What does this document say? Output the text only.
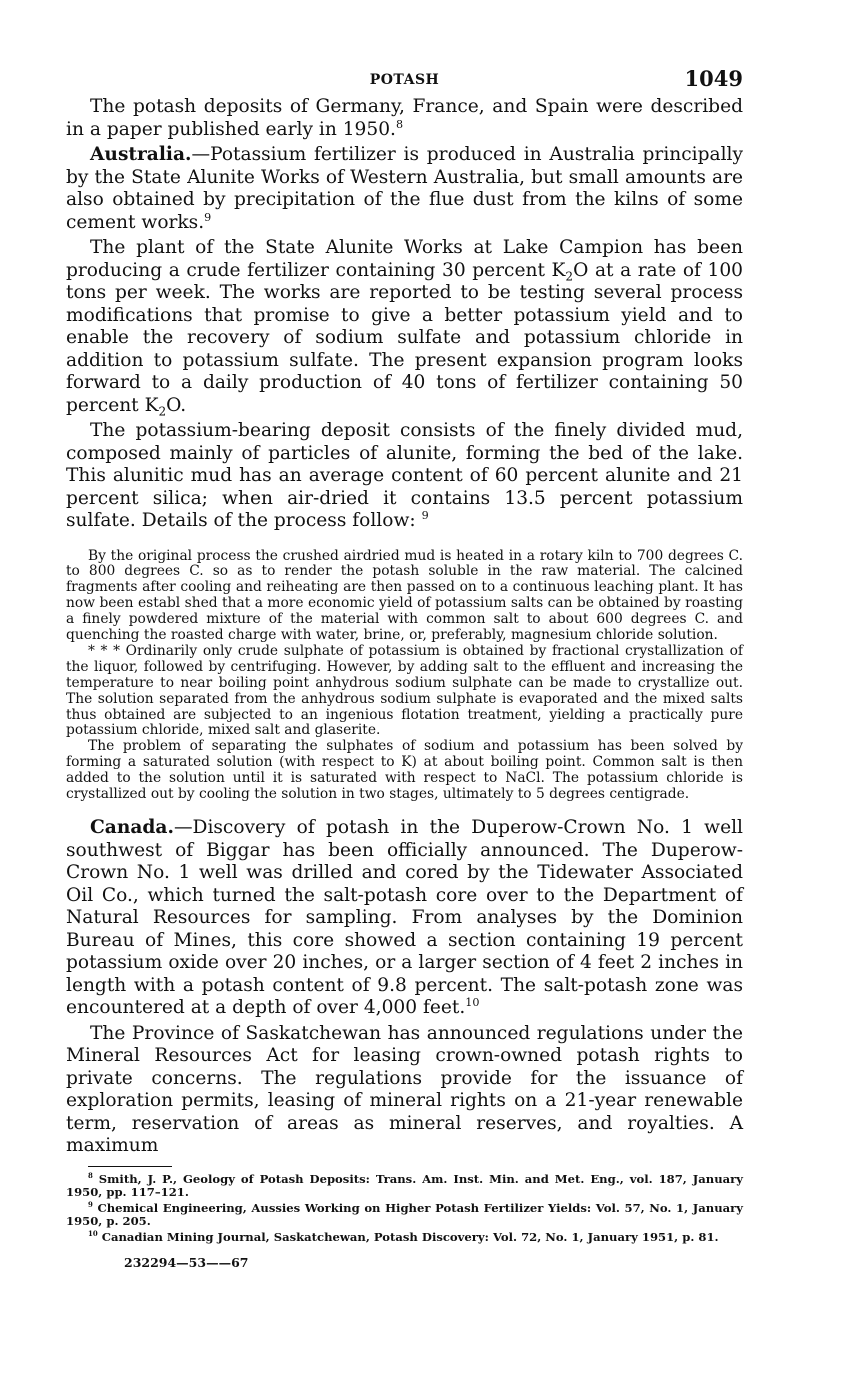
POTASH	1049

The potash deposits of Germany, France, and Spain were described in a paper published early in 1950.$^8$

Australia.—Potassium fertilizer is produced in Australia principally by the State Alunite Works of Western Australia, but small amounts are also obtained by precipitation of the flue dust from the kilns of some cement works.$^9$

The plant of the State Alunite Works at Lake Campion has been producing a crude fertilizer containing 30 percent $K_2O$ at a rate of 100 tons per week. The works are reported to be testing several process modifications that promise to give a better potassium yield and to enable the recovery of sodium sulfate and potassium chloride in addition to potassium sulfate. The present expansion program looks forward to a daily production of 40 tons of fertilizer containing 50 percent $K_2O$.

The potassium-bearing deposit consists of the finely divided mud, composed mainly of particles of alunite, forming the bed of the lake. This alunitic mud has an average content of 60 percent alunite and 21 percent silica; when air-dried it contains 13.5 percent potassium sulfate. Details of the process follow: $^9$

By the original process the crushed airdried mud is heated in a rotary kiln to 700 degrees C. to 800 degrees C. so as to render the potash soluble in the raw material. The calcined fragments after cooling and reiheating are then passed on to a continuous leaching plant. It has now been establ shed that a more economic yield of potassium salts can be obtained by roasting a finely powdered mixture of the material with common salt to about 600 degrees C. and quenching the roasted charge with water, brine, or, preferably, magnesium chloride solution.

* * * Ordinarily only crude sulphate of potassium is obtained by fractional crystallization of the liquor, followed by centrifuging. However, by adding salt to the effluent and increasing the temperature to near boiling point anhydrous sodium sulphate can be made to crystallize out. The solution separated from the anhydrous sodium sulphate is evaporated and the mixed salts thus obtained are subjected to an ingenious flotation treatment, yielding a practically pure potassium chloride, mixed salt and glaserite.

The problem of separating the sulphates of sodium and potassium has been solved by forming a saturated solution (with respect to K) at about boiling point. Common salt is then added to the solution until it is saturated with respect to NaCl. The potassium chloride is crystallized out by cooling the solution in two stages, ultimately to 5 degrees centigrade.

Canada.—Discovery of potash in the Duperow-Crown No. 1 well southwest of Biggar has been officially announced. The Duperow-Crown No. 1 well was drilled and cored by the Tidewater Associated Oil Co., which turned the salt-potash core over to the Department of Natural Resources for sampling. From analyses by the Dominion Bureau of Mines, this core showed a section containing 19 percent potassium oxide over 20 inches, or a larger section of 4 feet 2 inches in length with a potash content of 9.8 percent. The salt-potash zone was encountered at a depth of over 4,000 feet.$^{10}$

The Province of Saskatchewan has announced regulations under the Mineral Resources Act for leasing crown-owned potash rights to private concerns. The regulations provide for the issuance of exploration permits, leasing of mineral rights on a 21-year renewable term, reservation of areas as mineral reserves, and royalties. A maximum

$^8$ Smith, J. P., Geology of Potash Deposits: Trans. Am. Inst. Min. and Met. Eng., vol. 187, January 1950, pp. 117–121.

$^9$ Chemical Engineering, Aussies Working on Higher Potash Fertilizer Yields: Vol. 57, No. 1, January 1950, p. 205.

$^{10}$ Canadian Mining Journal, Saskatchewan, Potash Discovery: Vol. 72, No. 1, January 1951, p. 81.

232294—53——67
